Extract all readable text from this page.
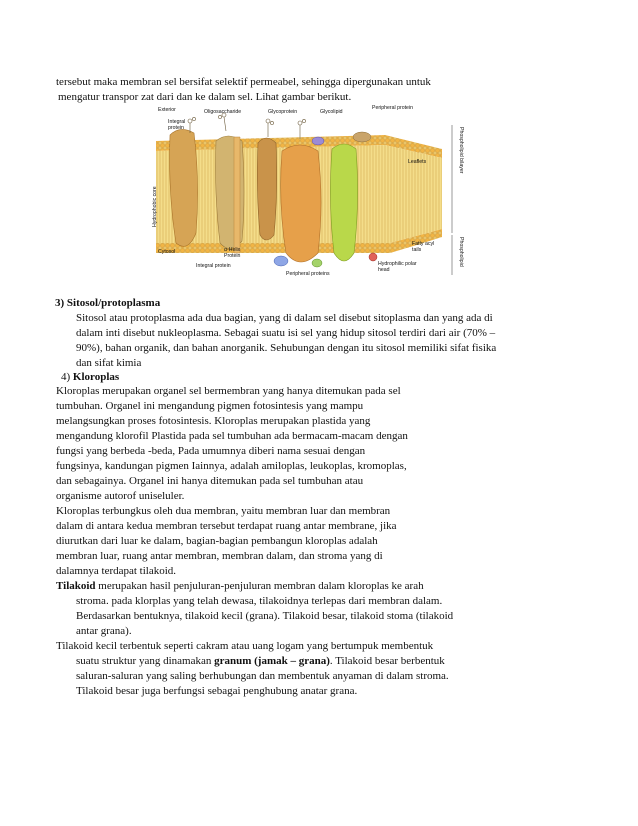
tersebut maka membran sel bersifat selektif permeabel, sehingga dipergunakan untuk
mengatur transpor zat dari dan ke dalam sel. Lihat gambar berikut.
Exterior	Oligosaccharide	Glycoprotein	Glycolipid
Peripheral protein
Integral
protein
Leaflets
Hydrophobic core
Phospholipid bilayer
Phospholipid
Cytosol	α-Helix
Protein
Integral protein
Peripheral proteins
Fatty acyl
tails
Hydrophilic polar
head
3) Sitosol/protoplasma
Sitosol atau protoplasma ada dua bagian, yang di dalam sel disebut sitoplasma dan yang ada di
dalam inti disebut nukleoplasma. Sebagai suatu isi sel yang hidup sitosol terdiri dari air (70% –
90%), bahan organik, dan bahan anorganik. Sehubungan dengan itu sitosol memiliki sifat fisika
dan sifat kimia
4) Kloroplas
Kloroplas merupakan organel sel bermembran yang hanya ditemukan pada sel
tumbuhan. Organel ini mengandung pigmen fotosintesis yang mampu
melangsungkan proses fotosintesis. Kloroplas merupakan plastida yang
mengandung klorofil Plastida pada sel tumbuhan ada bermacam-macam dengan
fungsi yang berbeda -beda, Pada umumnya diberi nama sesuai dengan
fungsinya, kandungan pigmen Iainnya, adalah amiloplas, leukoplas, kromoplas,
dan sebagainya. Organel ini hanya ditemukan pada sel tumbuhan atau
organisme autorof uniseluler.
Kloroplas terbungkus oleh dua membran, yaitu membran luar dan membran
dalam di antara kedua membran tersebut terdapat ruang antar membrane, jika
diurutkan dari luar ke dalam, bagian-bagian pembangun kloroplas adalah
membran luar, ruang antar membran, membran dalam, dan stroma yang di
dalamnya terdapat tilakoid.
Tilakoid merupakan hasil penjuluran-penjuluran membran dalam kloroplas ke arah
stroma. pada klorplas yang telah dewasa, tilakoidnya terlepas dari membran dalam.
Berdasarkan bentuknya, tilakoid kecil (grana). Tilakoid besar, tilakoid stoma (tilakoid
antar grana).
Tilakoid kecil terbentuk seperti cakram atau uang logam yang bertumpuk membentuk
suatu struktur yang dinamakan granum (jamak – grana). Tilakoid besar berbentuk
saluran-saluran yang saling berhubungan dan membentuk anyaman di dalam stroma.
Tilakoid besar juga berfungsi sebagai penghubung anatar grana.
